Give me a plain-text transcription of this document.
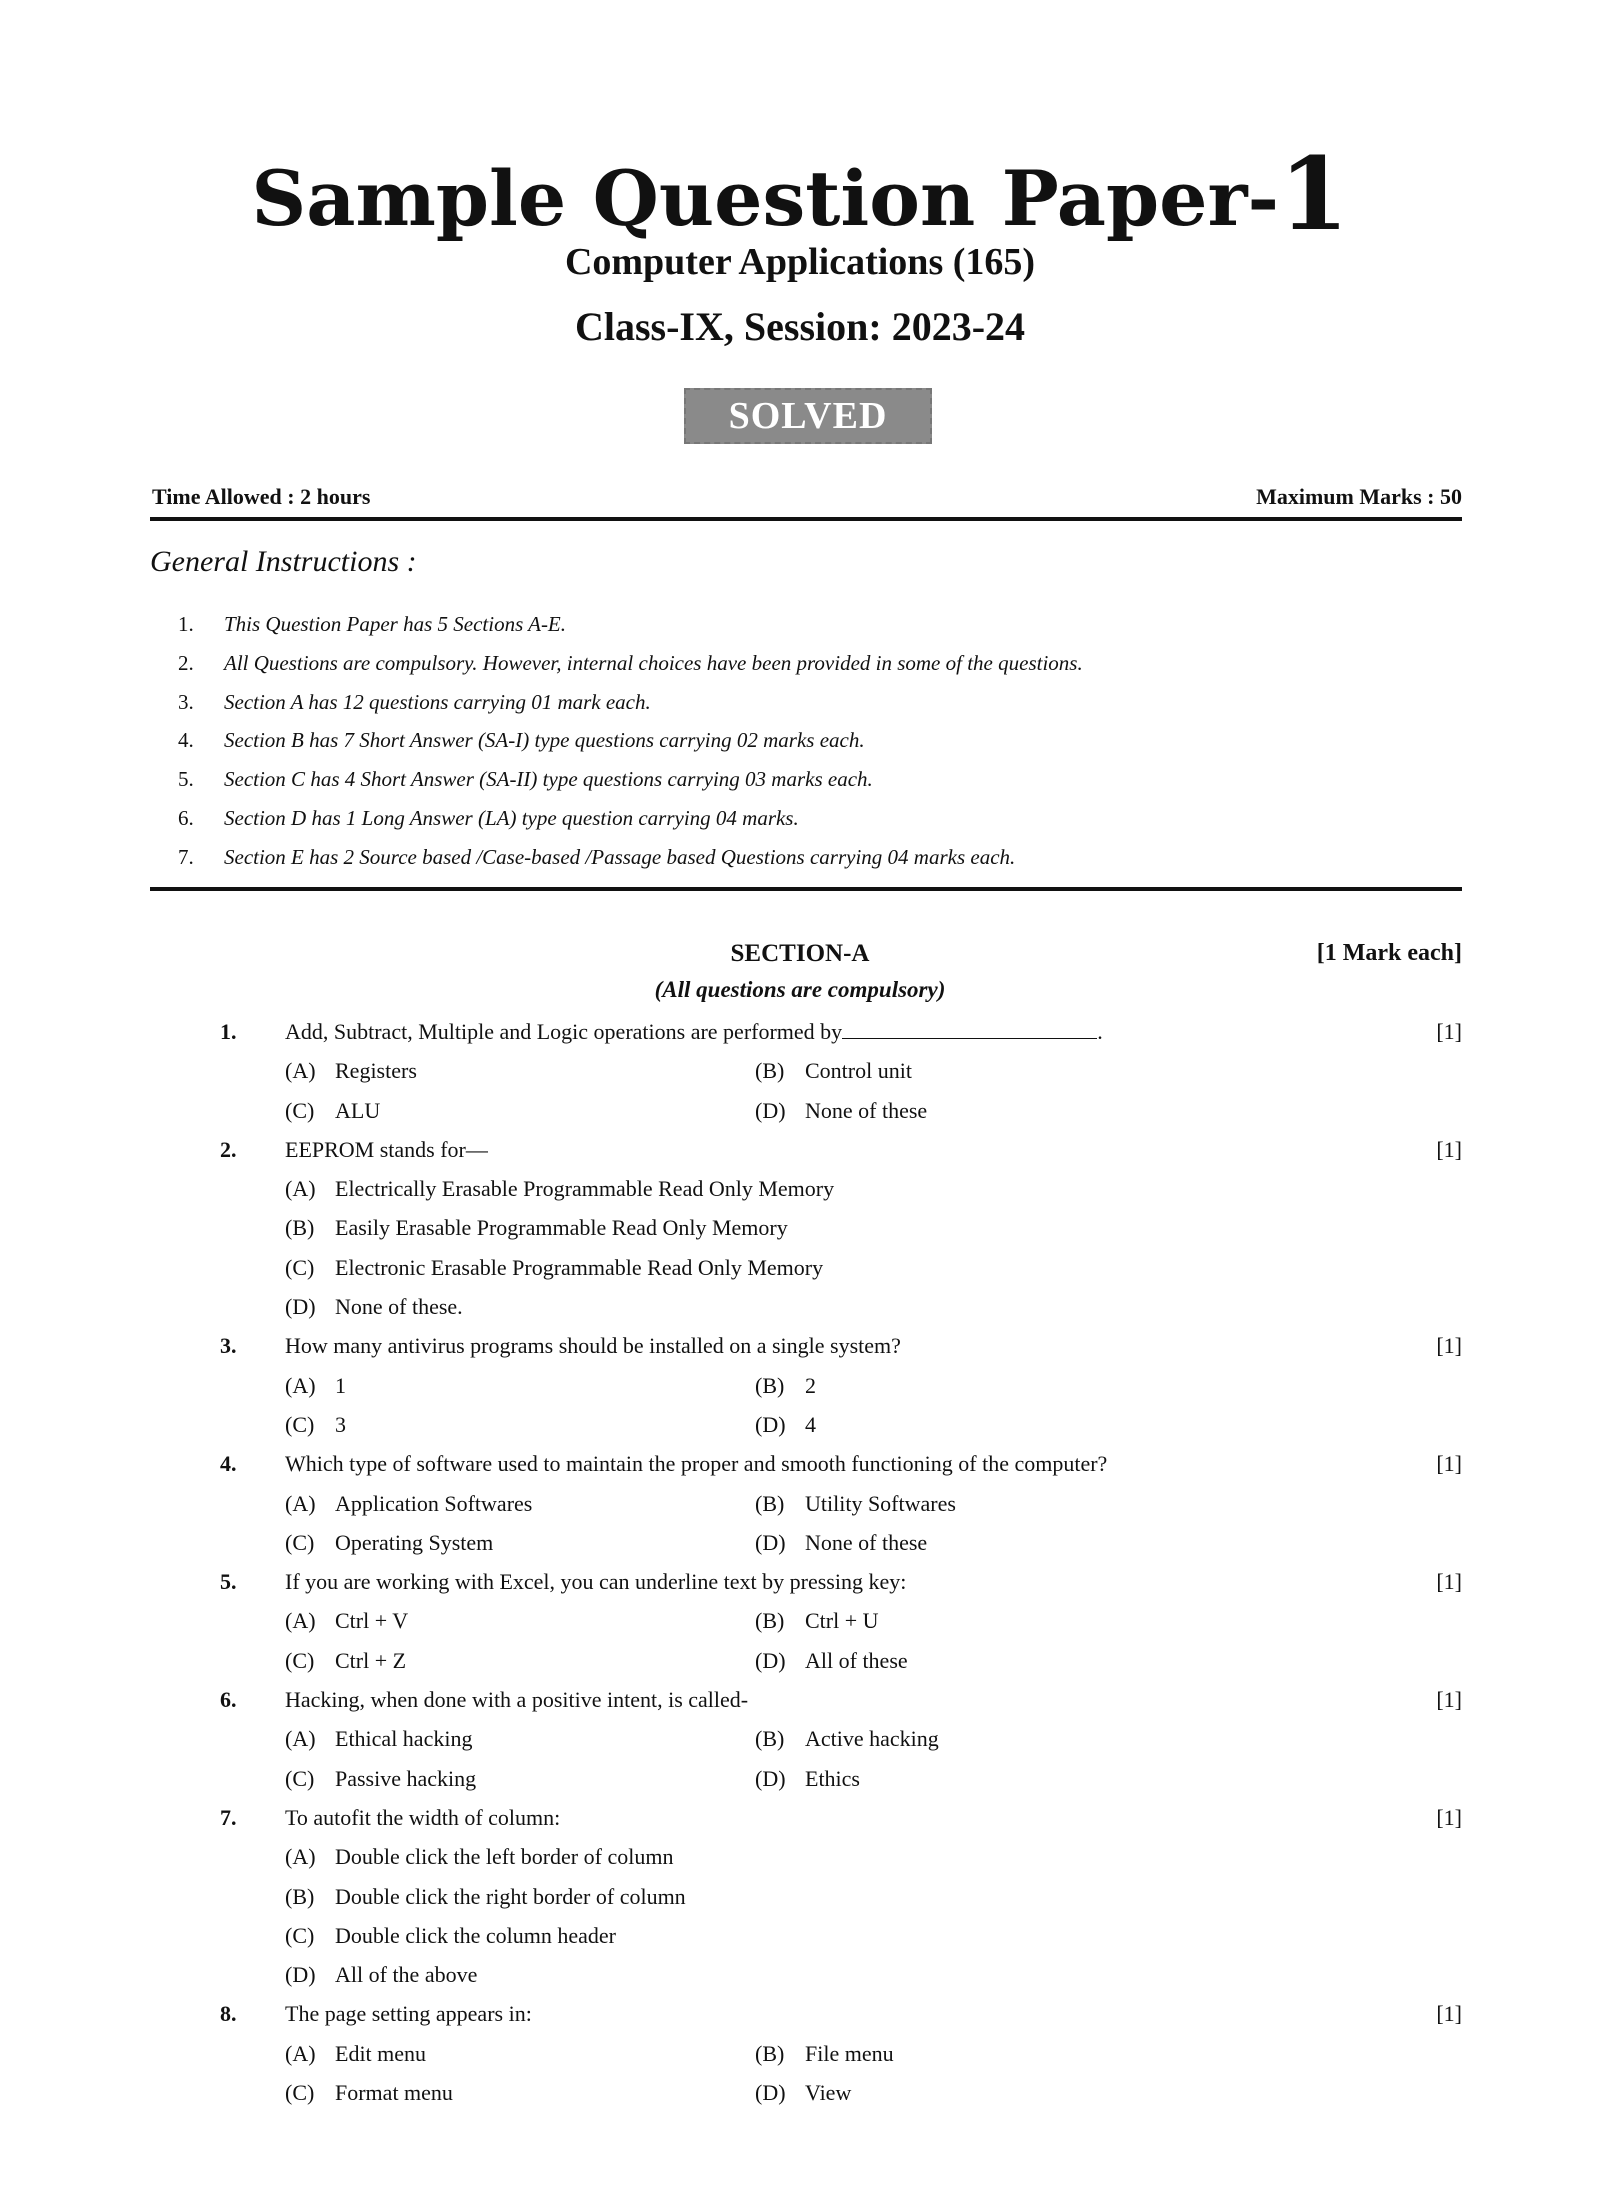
Sample Question Paper-1
Computer Applications (165)
Class-IX, Session: 2023-24
SOLVED
Time Allowed : 2 hours	Maximum Marks : 50
General Instructions :
1. This Question Paper has 5 Sections A-E.
2. All Questions are compulsory. However, internal choices have been provided in some of the questions.
3. Section A has 12 questions carrying 01 mark each.
4. Section B has 7 Short Answer (SA-I) type questions carrying 02 marks each.
5. Section C has 4 Short Answer (SA-II) type questions carrying 03 marks each.
6. Section D has 1 Long Answer (LA) type question carrying 04 marks.
7. Section E has 2 Source based /Case-based /Passage based Questions carrying 04 marks each.
SECTION-A	[1 Mark each]
(All questions are compulsory)
1. Add, Subtract, Multiple and Logic operations are performed by	.	[1]
(A) Registers	(B) Control unit
(C) ALU	(D) None of these
2. EEPROM stands for—	[1]
(A) Electrically Erasable Programmable Read Only Memory
(B) Easily Erasable Programmable Read Only Memory
(C) Electronic Erasable Programmable Read Only Memory
(D) None of these.
3. How many antivirus programs should be installed on a single system?	[1]
(A) 1	(B) 2
(C) 3	(D) 4
4. Which type of software used to maintain the proper and smooth functioning of the computer?	[1]
(A) Application Softwares	(B) Utility Softwares
(C) Operating System	(D) None of these
5. If you are working with Excel, you can underline text by pressing key:	[1]
(A) Ctrl + V	(B) Ctrl + U
(C) Ctrl + Z	(D) All of these
6. Hacking, when done with a positive intent, is called-	[1]
(A) Ethical hacking	(B) Active hacking
(C) Passive hacking	(D) Ethics
7. To autofit the width of column:	[1]
(A) Double click the left border of column
(B) Double click the right border of column
(C) Double click the column header
(D) All of the above
8. The page setting appears in:	[1]
(A) Edit menu	(B) File menu
(C) Format menu	(D) View
